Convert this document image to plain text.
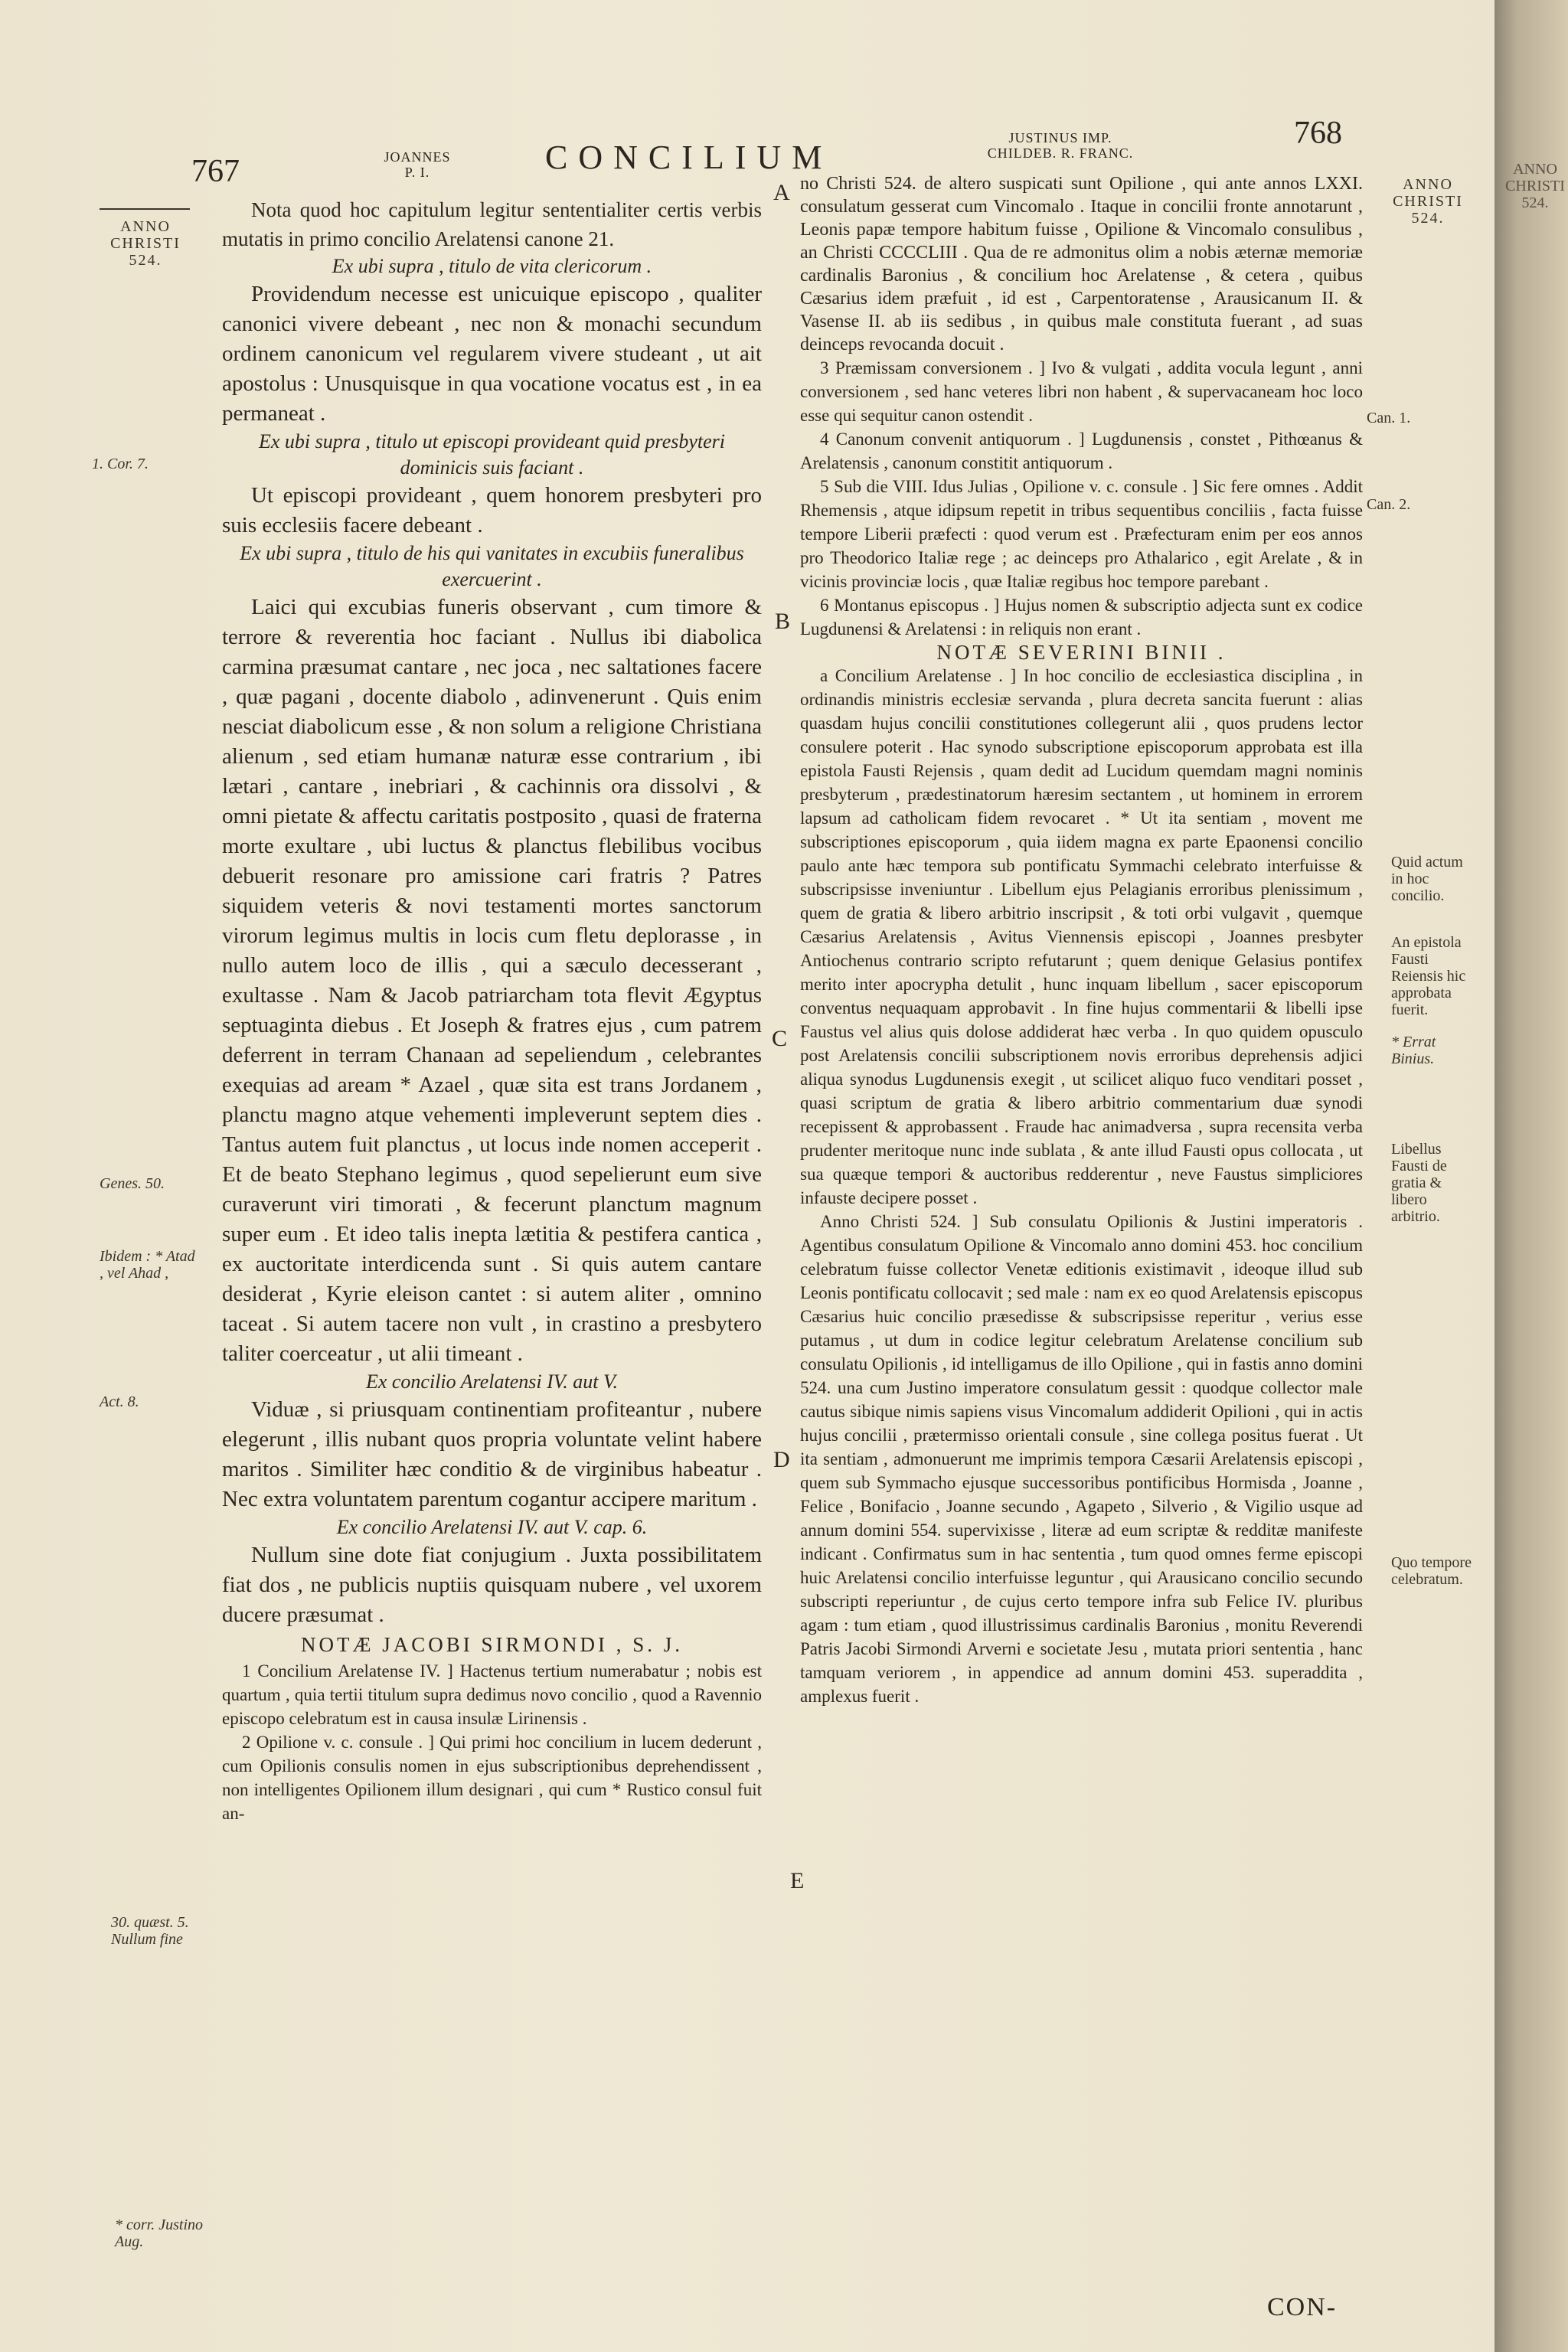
ANNO CHRISTI 524.
767	JOANNES
P. I.	CONCILIUM
JUSTINUS IMP.
CHILDEB. R. FRANC.
768
ANNO CHRISTI 524.
1. Cor. 7.
Genes. 50.
Ibidem : * Atad , vel Ahad ,
Act. 8.
30. quæst. 5. Nullum fine
* corr. Justino Aug.
A
B
C
D
E

Nota quod hoc capitulum legitur sententialiter certis verbis mutatis in primo concilio Arelatensi canone 21.

Ex ubi supra , titulo de vita clericorum .

Providendum necesse est unicuique episcopo , qualiter canonici vivere debeant , nec non & monachi secundum ordinem canonicum vel regularem vivere studeant , ut ait apostolus : Unusquisque in qua vocatione vocatus est , in ea permaneat .

Ex ubi supra , titulo ut episcopi provideant quid presbyteri dominicis suis faciant .

Ut episcopi provideant , quem honorem presbyteri pro suis ecclesiis facere debeant .

Ex ubi supra , titulo de his qui vanitates in excubiis funeralibus exercuerint .

Laici qui excubias funeris observant , cum timore & terrore & reverentia hoc faciant . Nullus ibi diabolica carmina præsumat cantare , nec joca , nec saltationes facere , quæ pagani , docente diabolo , adinvenerunt . Quis enim nesciat diabolicum esse , & non solum a religione Christiana alienum , sed etiam humanæ naturæ esse contrarium , ibi lætari , cantare , inebriari , & cachinnis ora dissolvi , & omni pietate & affectu caritatis postposito , quasi de fraterna morte exultare , ubi luctus & planctus flebilibus vocibus debuerit resonare pro amissione cari fratris ? Patres siquidem veteris & novi testamenti mortes sanctorum virorum legimus multis in locis cum fletu deplorasse , in nullo autem loco de illis , qui a sæculo decesserant , exultasse . Nam & Jacob patriarcham tota flevit Ægyptus septuaginta diebus . Et Joseph & fratres ejus , cum patrem deferrent in terram Chanaan ad sepeliendum , celebrantes exequias ad aream * Azael , quæ sita est trans Jordanem , planctu magno atque vehementi impleverunt septem dies . Tantus autem fuit planctus , ut locus inde nomen acceperit . Et de beato Stephano legimus , quod sepelierunt eum sive curaverunt viri timorati , & fecerunt planctum magnum super eum . Et ideo talis inepta lætitia & pestifera cantica , ex auctoritate interdicenda sunt . Si quis autem cantare desiderat , Kyrie eleison cantet : si autem aliter , omnino taceat . Si autem tacere non vult , in crastino a presbytero taliter coerceatur , ut alii timeant .

Ex concilio Arelatensi IV. aut V.

Viduæ , si priusquam continentiam profiteantur , nubere elegerunt , illis nubant quos propria voluntate velint habere maritos . Similiter hæc conditio & de virginibus habeatur . Nec extra voluntatem parentum cogantur accipere maritum .

Ex concilio Arelatensi IV. aut V. cap. 6.

Nullum sine dote fiat conjugium . Juxta possibilitatem fiat dos , ne publicis nuptiis quisquam nubere , vel uxorem ducere præsumat .

NOTÆ JACOBI SIRMONDI , S. J.

1 Concilium Arelatense IV. ] Hactenus tertium numerabatur ; nobis est quartum , quia tertii titulum supra dedimus novo concilio , quod a Ravennio episcopo celebratum est in causa insulæ Lirinensis .

2 Opilione v. c. consule . ] Qui primi hoc concilium in lucem dederunt , cum Opilionis consulis nomen in ejus subscriptionibus deprehendissent , non intelligentes Opilionem illum designari , qui cum * Rustico consul fuit an-

no Christi 524. de altero suspicati sunt Opilione , qui ante annos LXXI. consulatum gesserat cum Vincomalo . Itaque in concilii fronte annotarunt , Leonis papæ tempore habitum fuisse , Opilione & Vincomalo consulibus , an Christi CCCCLIII . Qua de re admonitus olim a nobis æternæ memoriæ cardinalis Baronius , & concilium hoc Arelatense , & cetera , quibus Cæsarius idem præfuit , id est , Carpentoratense , Arausicanum II. & Vasense II. ab iis sedibus , in quibus male constituta fuerant , ad suas deinceps revocanda docuit .

3 Præmissam conversionem . ] Ivo & vulgati , addita vocula legunt , anni conversionem , sed hanc veteres libri non habent , & supervacaneam hoc loco esse qui sequitur canon ostendit .

4 Canonum convenit antiquorum . ] Lugdunensis , constet , Pithœanus & Arelatensis , canonum constitit antiquorum .

5 Sub die VIII. Idus Julias , Opilione v. c. consule . ] Sic fere omnes . Addit Rhemensis , atque idipsum repetit in tribus sequentibus conciliis , facta fuisse tempore Liberii præfecti : quod verum est . Præfecturam enim per eos annos pro Theodorico Italiæ rege ; ac deinceps pro Athalarico , egit Arelate , & in vicinis provinciæ locis , quæ Italiæ regibus hoc tempore parebant .

6 Montanus episcopus . ] Hujus nomen & subscriptio adjecta sunt ex codice Lugdunensi & Arelatensi : in reliquis non erant .

NOTÆ SEVERINI BINII .

a Concilium Arelatense . ] In hoc concilio de ecclesiastica disciplina , in ordinandis ministris ecclesiæ servanda , plura decreta sancita fuerunt : alias quasdam hujus concilii constitutiones collegerunt alii , quos prudens lector consulere poterit . Hac synodo subscriptione episcoporum approbata est illa epistola Fausti Rejensis , quam dedit ad Lucidum quemdam magni nominis presbyterum , prædestinatorum hæresim sectantem , ut hominem in errorem lapsum ad catholicam fidem revocaret . * Ut ita sentiam , movent me subscriptiones episcoporum , quia iidem magna ex parte Epaonensi concilio paulo ante hæc tempora sub pontificatu Symmachi celebrato interfuisse & subscripsisse inveniuntur . Libellum ejus Pelagianis erroribus plenissimum , quem de gratia & libero arbitrio inscripsit , & toti orbi vulgavit , quemque Cæsarius Arelatensis , Avitus Viennensis episcopi , Joannes presbyter Antiochenus contrario scripto refutarunt ; quem denique Gelasius pontifex merito inter apocrypha detulit , hunc inquam libellum , sacer episcoporum conventus nequaquam approbavit . In fine hujus commentarii & libelli ipse Faustus vel alius quis dolose addiderat hæc verba . In quo quidem opusculo post Arelatensis concilii subscriptionem novis erroribus deprehensis adjici aliqua synodus Lugdunensis exegit , ut scilicet aliquo fuco venditari posset , quasi scriptum de gratia & libero arbitrio commentarium duæ synodi recepissent & approbassent . Fraude hac animadversa , supra recensita verba prudenter meritoque nunc inde sublata , & ante illud Fausti opus collocata , ut sua quæque tempori & auctoribus redderentur , neve Faustus simpliciores infauste decipere posset .

Anno Christi 524. ] Sub consulatu Opilionis & Justini imperatoris . Agentibus consulatum Opilione & Vincomalo anno domini 453. hoc concilium celebratum fuisse collector Venetæ editionis existimavit , ideoque illud sub Leonis pontificatu collocavit ; sed male : nam ex eo quod Arelatensis episcopus Cæsarius huic concilio præsedisse & subscripsisse reperitur , verius esse putamus , ut dum in codice legitur celebratum Arelatense concilium sub consulatu Opilionis , id intelligamus de illo Opilione , qui in fastis anno domini 524. una cum Justino imperatore consulatum gessit : quodque collector male cautus sibique nimis sapiens visus Vincomalum addiderit Opilioni , qui in actis hujus concilii , prætermisso orientali consule , sine collega positus fuerat . Ut ita sentiam , admonuerunt me imprimis tempora Cæsarii Arelatensis episcopi , quem sub Symmacho ejusque successoribus pontificibus Hormisda , Joanne , Felice , Bonifacio , Joanne secundo , Agapeto , Silverio , & Vigilio usque ad annum domini 554. supervixisse , literæ ad eum scriptæ & redditæ manifeste indicant . Confirmatus sum in hac sententia , tum quod omnes ferme episcopi huic Arelatensi concilio interfuisse leguntur , qui Arausicano concilio secundo subscripti reperiuntur , de cujus certo tempore infra sub Felice IV. pluribus agam : tum etiam , quod illustrissimus cardinalis Baronius , monitu Reverendi Patris Jacobi Sirmondi Arverni e societate Jesu , mutata priori sententia , hanc tamquam veriorem , in appendice ad annum domini 453. superaddita , amplexus fuerit .

ANNO CHRISTI 524.
Can. 1.
Can. 2.
Quid actum in hoc concilio.
An epistola Fausti Reiensis hic approbata fuerit.
* Errat Binius.
Libellus Fausti de gratia & libero arbitrio.
Quo tempore celebratum.
CON-
